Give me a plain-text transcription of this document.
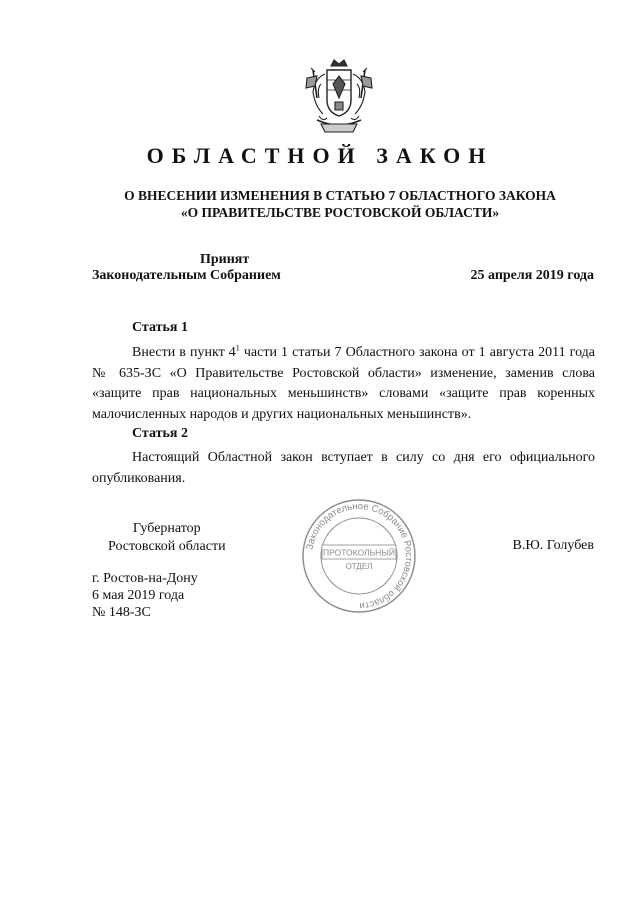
ОБЛАСТНОЙ ЗАКОН
О ВНЕСЕНИИ ИЗМЕНЕНИЯ В СТАТЬЮ 7 ОБЛАСТНОГО ЗАКОНА
«О ПРАВИТЕЛЬСТВЕ РОСТОВСКОЙ ОБЛАСТИ»
Принят
Законодательным Собранием	25 апреля 2019 года
Статья 1
Внести в пункт $4^1$ части 1 статьи 7 Областного закона от 1 августа 2011 года № 635-ЗС «О Правительстве Ростовской области» изменение, заменив слова «защите прав национальных меньшинств» словами «защите прав коренных малочисленных народов и других национальных меньшинств».
Статья 2
Настоящий Областной закон вступает в силу со дня его официального опубликования.
Губернатор
Ростовской области	В.Ю. Голубев
г. Ростов-на-Дону
6 мая 2019 года
№ 148-ЗС
Законодательное Собрание Ростовской области
ПРОТОКОЛЬНЫЙ
ОТДЕЛ
